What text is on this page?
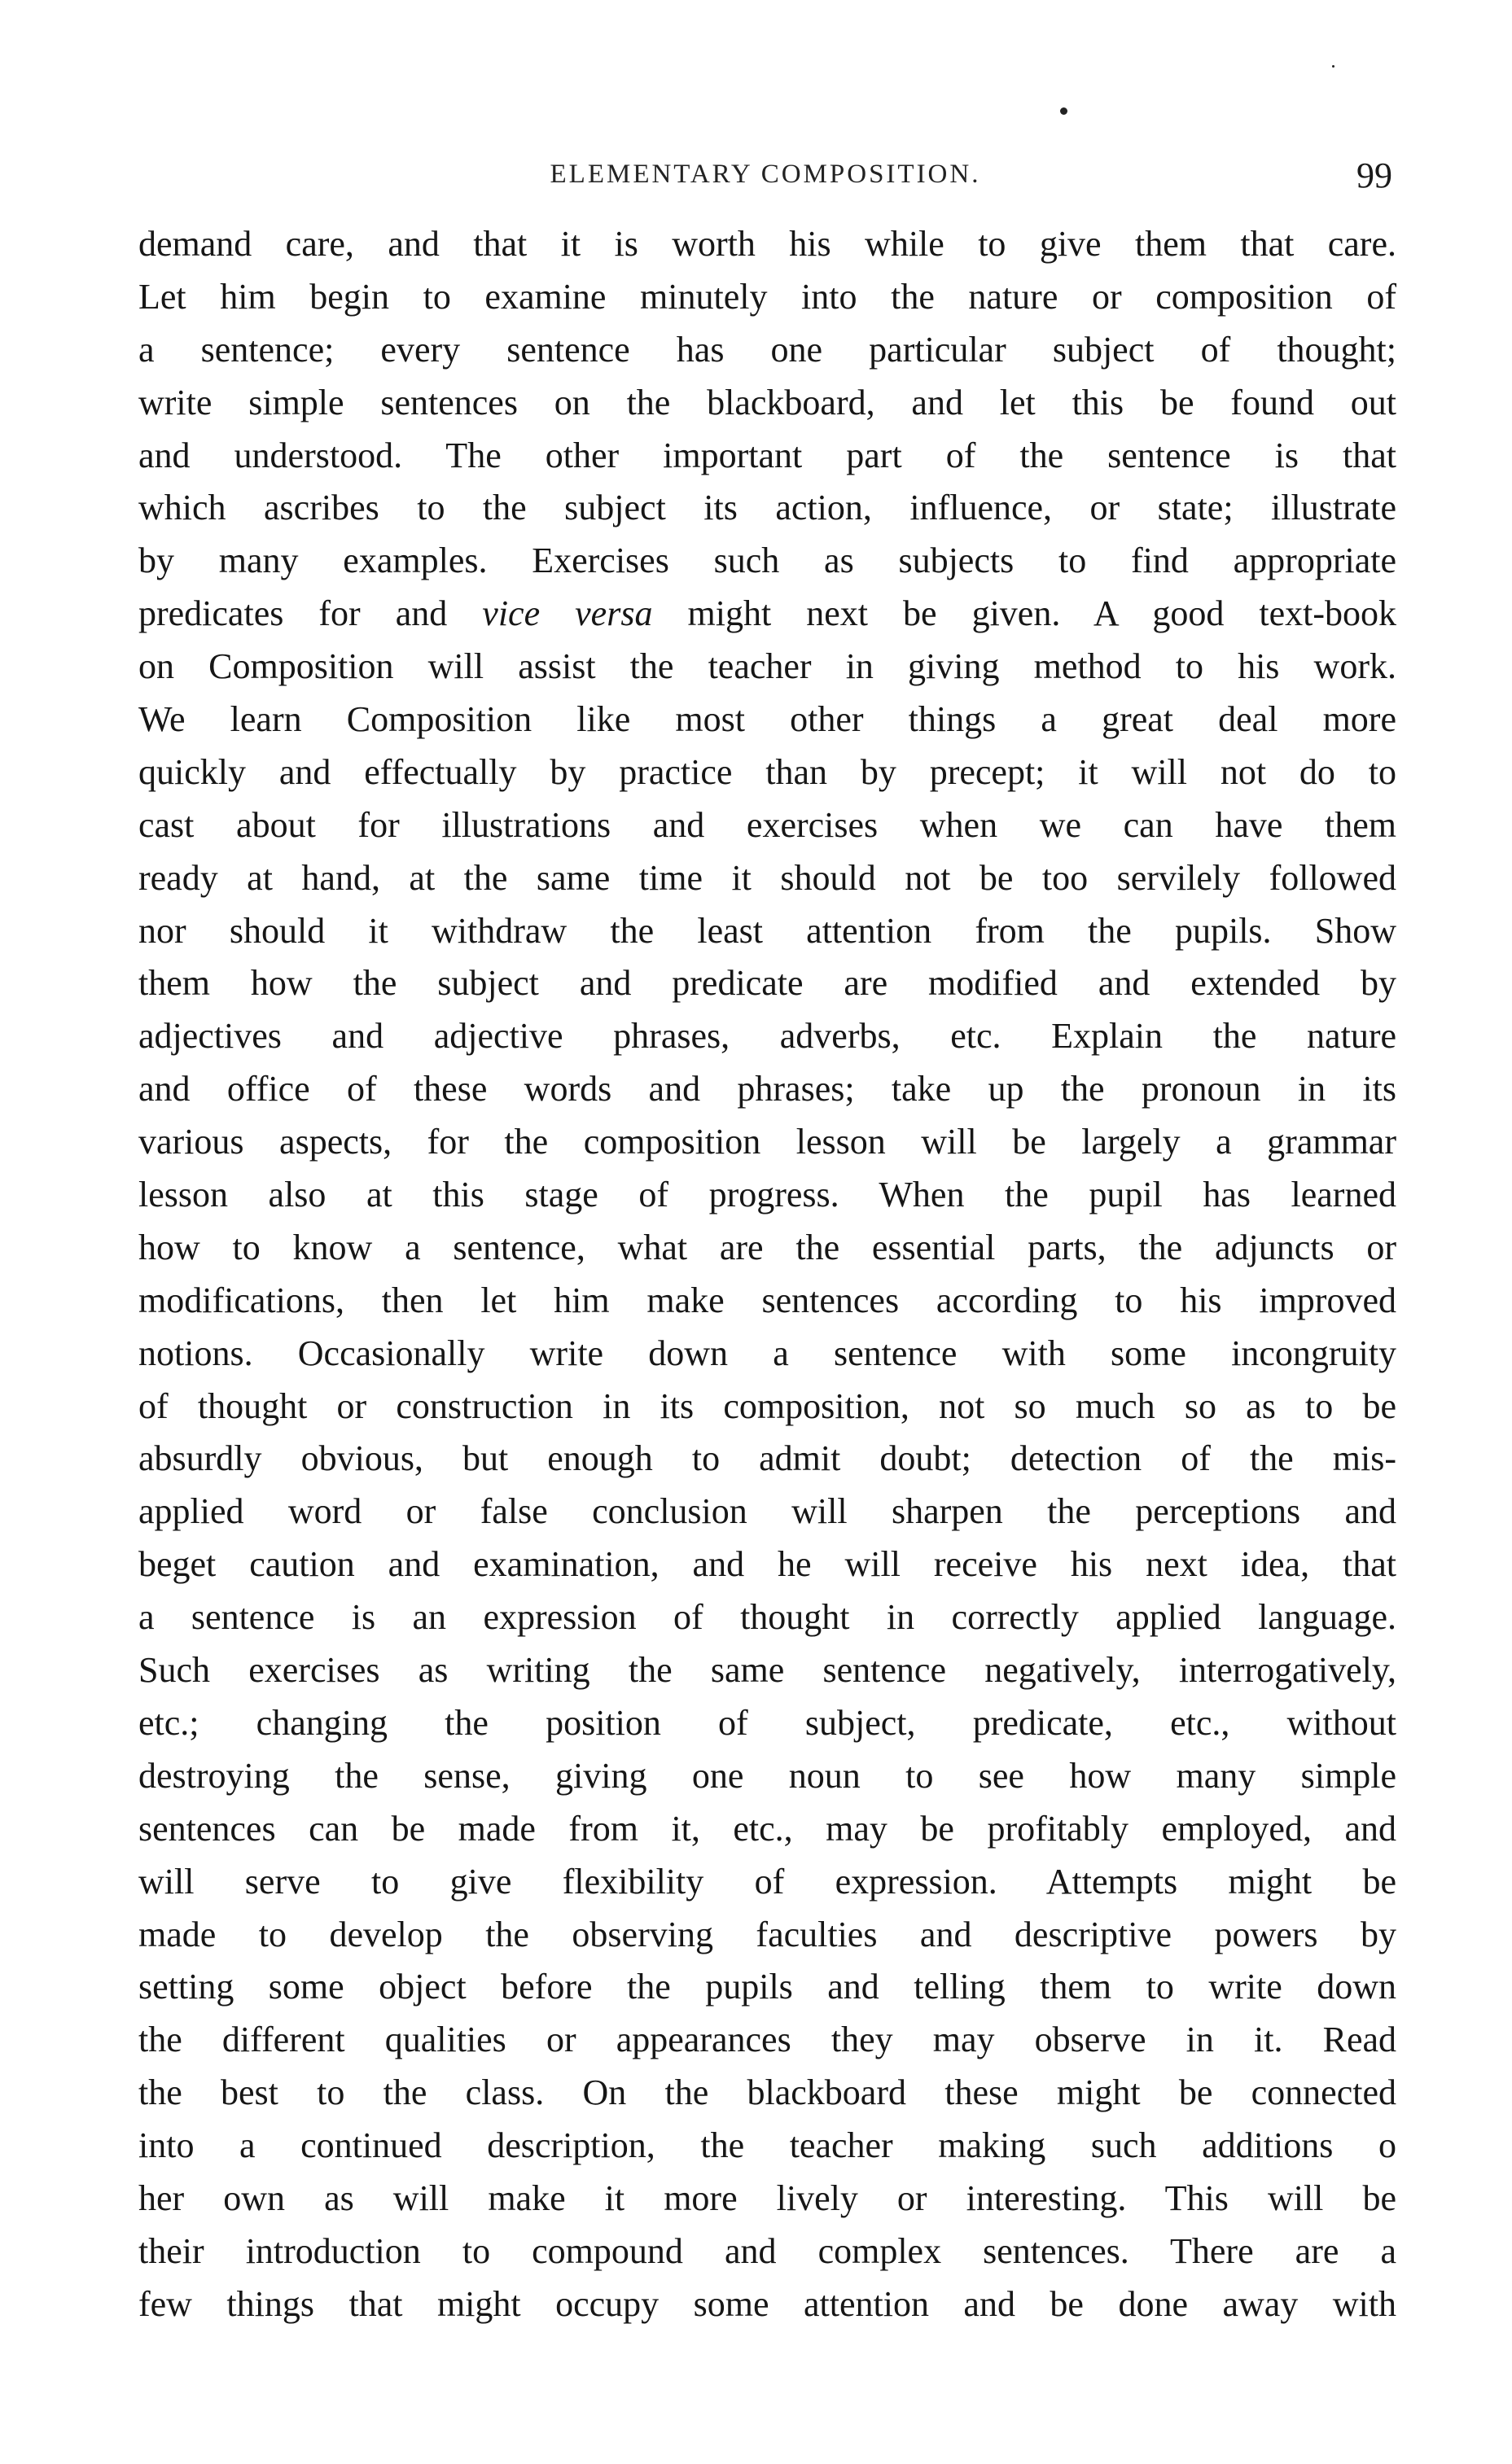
ELEMENTARY COMPOSITION.	99
demand care, and that it is worth his while to give them that care.
Let him begin to examine minutely into the nature or composition of
a sentence; every sentence has one particular subject of thought;
write simple sentences on the blackboard, and let this be found out
and understood. The other important part of the sentence is that
which ascribes to the subject its action, influence, or state; illustrate
by many examples. Exercises such as subjects to find appropriate
predicates for and vice versa might next be given. A good text-book
on Composition will assist the teacher in giving method to his work.
We learn Composition like most other things a great deal more
quickly and effectually by practice than by precept; it will not do to
cast about for illustrations and exercises when we can have them
ready at hand, at the same time it should not be too servilely followed
nor should it withdraw the least attention from the pupils. Show
them how the subject and predicate are modified and extended by
adjectives and adjective phrases, adverbs, etc. Explain the nature
and office of these words and phrases; take up the pronoun in its
various aspects, for the composition lesson will be largely a grammar
lesson also at this stage of progress. When the pupil has learned
how to know a sentence, what are the essential parts, the adjuncts or
modifications, then let him make sentences according to his improved
notions. Occasionally write down a sentence with some incongruity
of thought or construction in its composition, not so much so as to be
absurdly obvious, but enough to admit doubt; detection of the mis-
applied word or false conclusion will sharpen the perceptions and
beget caution and examination, and he will receive his next idea, that
a sentence is an expression of thought in correctly applied language.
Such exercises as writing the same sentence negatively, interrogatively,
etc.; changing the position of subject, predicate, etc., without
destroying the sense, giving one noun to see how many simple
sentences can be made from it, etc., may be profitably employed, and
will serve to give flexibility of expression. Attempts might be
made to develop the observing faculties and descriptive powers by
setting some object before the pupils and telling them to write down
the different qualities or appearances they may observe in it. Read
the best to the class. On the blackboard these might be connected
into a continued description, the teacher making such additions o
her own as will make it more lively or interesting. This will be
their introduction to compound and complex sentences. There are a
few things that might occupy some attention and be done away with
